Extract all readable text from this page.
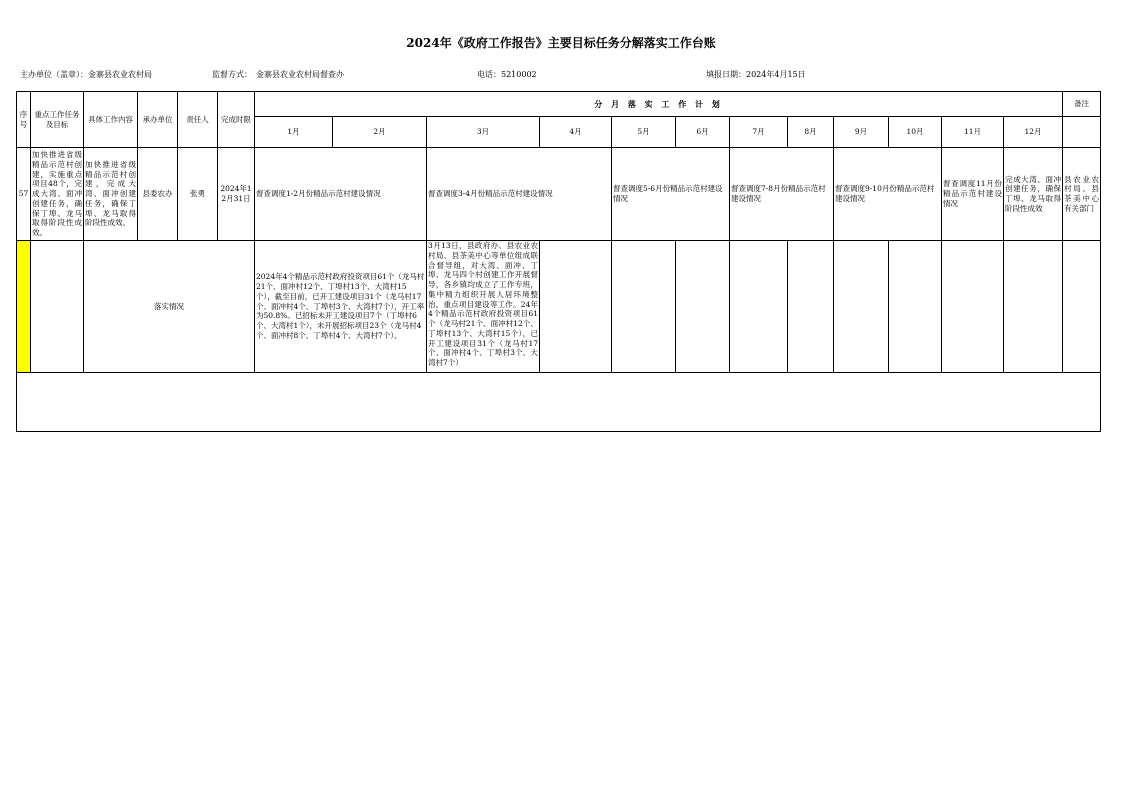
2024年《政府工作报告》主要目标任务分解落实工作台账
主办单位（盖章）：金寨县农业农村局	监督方式：　金寨县农业农村局督查办	电话：5210002	填报日期：2024年4月15日
序号	重点工作任务及目标	具体工作内容	承办单位	责任人	完成时限	分 月 落 实 工 作 计 划												备注
						1月	2月	3月	4月	5月	6月	7月	8月	9月	10月	11月	12月	
57	加快推进省级精品示范村创建，实施重点项目48个，完成大湾、面冲创建任务，确保丁埠、龙马取得阶段性成效。	加快推进省级精品示范村创建，完成大湾、面冲创建任务，确保丁埠、龙马取得阶段性成效。	县委农办	张勇	2024年12月31日	督查调度1-2月份精品示范村建设情况		督查调度3-4月份精品示范村建设情况		督查调度5-6月份精品示范村建设情况		督查调度7-8月份精品示范村建设情况		督查调度9-10月份精品示范村建设情况		督查调度11月份精品示范村建设情况	完成大湾、面冲创建任务，确保丁埠、龙马取得阶段性成效	县农业农村局、县茶美中心有关部门
		落实情况				2024年4个精品示范村政府投资项目61个（龙马村21个、面冲村12个、丁埠村13个、大湾村15个），截至目前，已开工建设项目31个（龙马村17个、面冲村4个、丁埠村3个、大湾村7个），开工率为50.8%。已招标未开工建设项目7个（丁埠村6个、大湾村1个），未开展招标项目23个（龙马村4个、面冲村8个、丁埠村4个、大湾村7个）。		3月13日，县政府办、县农业农村局、县茶美中心等单位组成联合督导组，对大湾、面冲、丁埠、龙马四个村创建工作开展督导，各乡镇均成立了工作专班，集中精力组织开展人居环境整治、重点项目建设等工作。24年4个精品示范村政府投资项目61个（龙马村21个、面冲村12个、丁埠村13个、大湾村15个），已开工建设项目31个（龙马村17个、面冲村4个、丁埠村3个、大湾村7个）										
